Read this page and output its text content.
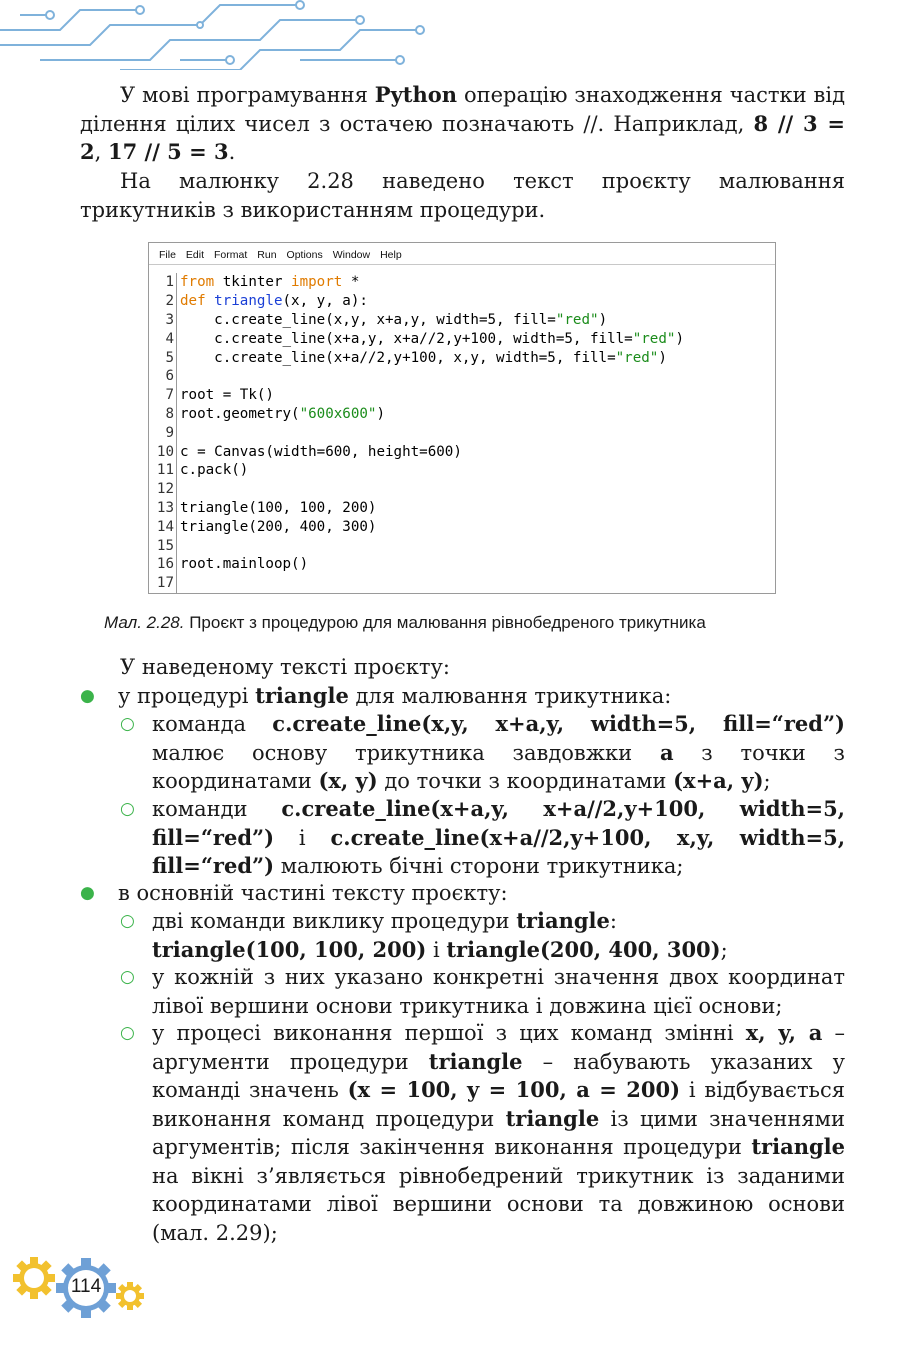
У мові програмування Python операцію знаходження частки від ділення цілих чисел з остачею позначають //. Наприклад, 8 // 3 = 2, 17 // 5 = 3.
На малюнку 2.28 наведено текст проєкту малювання трикутників з використанням процедури.
File Edit Format Run Options Window Help
1 from tkinter import *
2 def triangle(x, y, a):
3 c.create_line(x,y, x+a,y, width=5, fill="red")
4 c.create_line(x+a,y, x+a//2,y+100, width=5, fill="red")
5 c.create_line(x+a//2,y+100, x,y, width=5, fill="red")
6
7 root = Tk()
8 root.geometry("600x600")
9
10 c = Canvas(width=600, height=600)
11 c.pack()
12
13 triangle(100, 100, 200)
14 triangle(200, 400, 300)
15
16 root.mainloop()
17
Мал. 2.28. Проєкт з процедурою для малювання рівнобедреного трикутника
У наведеному тексті проєкту:
● у процедурі triangle для малювання трикутника:
○ команда c.create_line(x,y, x+a,y, width=5, fill=“red”) малює основу трикутника завдовжки a з точки з координатами (x, y) до точки з координатами (x+a, y);
○ команди c.create_line(x+a,y, x+a//2,y+100, width=5, fill=“red”) і c.create_line(x+a//2,y+100, x,y, width=5, fill=“red”) малюють бічні сторони трикутника;
● в основній частині тексту проєкту:
○ дві команди виклику процедури triangle:
triangle(100, 100, 200) і triangle(200, 400, 300);
○ у кожній з них указано конкретні значення двох координат лівої вершини основи трикутника і довжина цієї основи;
○ у процесі виконання першої з цих команд змінні x, y, a – аргументи процедури triangle – набувають указаних у команді значень (x = 100, y = 100, a = 200) і відбувається виконання команд процедури triangle із цими значеннями аргументів; після закінчення виконання процедури triangle на вікні з’являється рівнобедрений трикутник із заданими координатами лівої вершини основи та довжиною основи (мал. 2.29);
114
